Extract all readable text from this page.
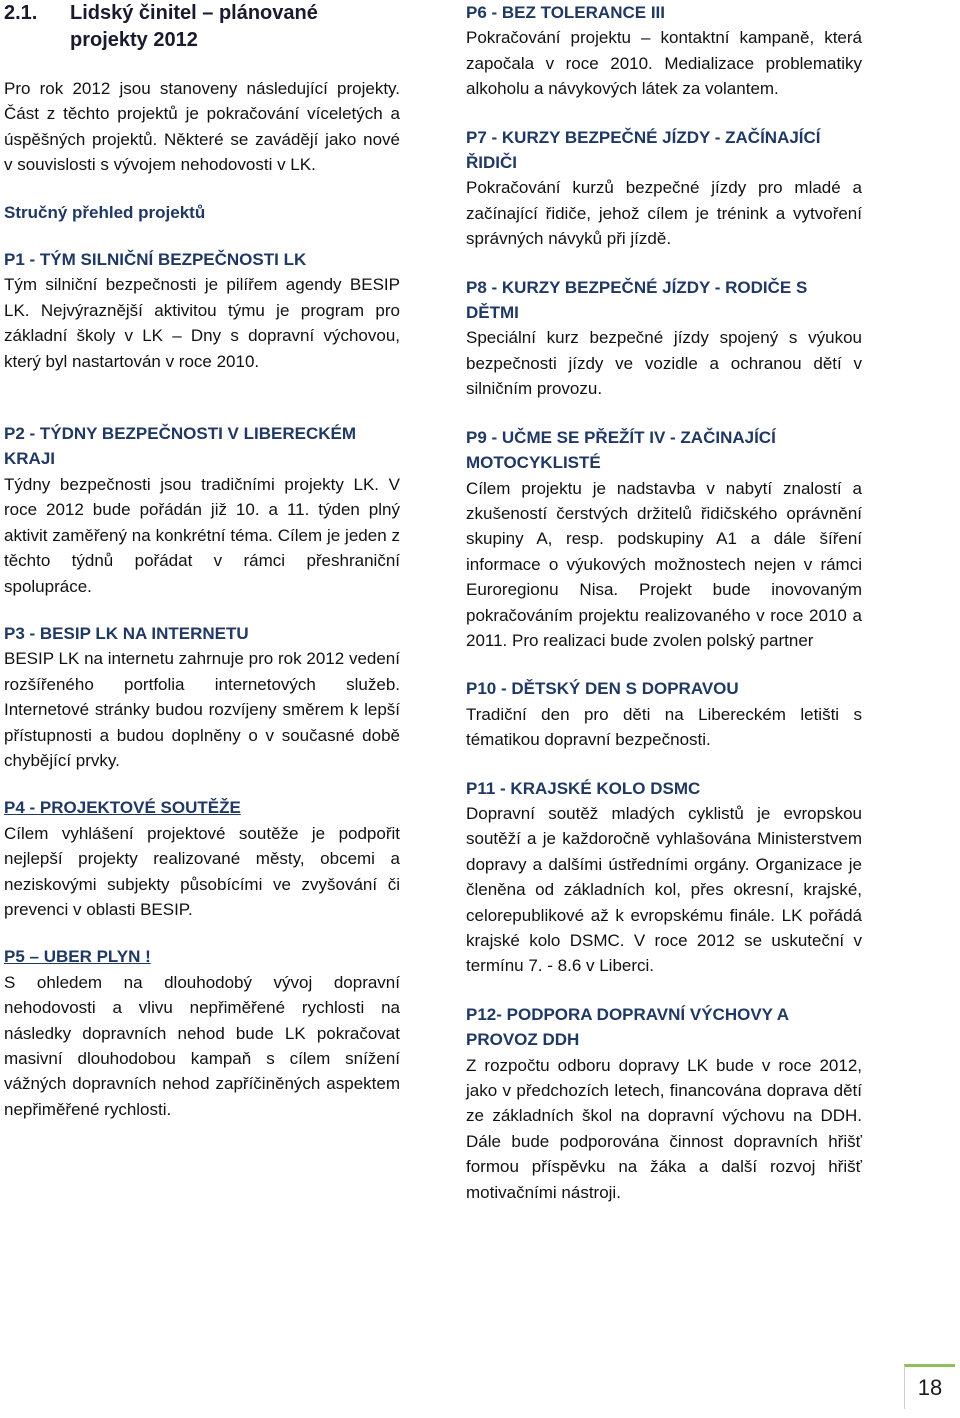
2.1.	Lidský činitel – plánované projekty 2012

Pro rok 2012 jsou stanoveny následující projekty. Část z těchto projektů je pokračování víceletých a úspěšných projektů. Některé se zavádějí jako nové v souvislosti s vývojem nehodovosti v LK.

Stručný přehled projektů

P1 - TÝM SILNIČNÍ BEZPEČNOSTI LK

Tým silniční bezpečnosti je pilířem agendy BESIP LK. Nejvýraznější aktivitou týmu je program pro základní školy v LK – Dny s dopravní výchovou, který byl nastartován v roce 2010.

P2 - TÝDNY BEZPEČNOSTI V LIBERECKÉM KRAJI

Týdny bezpečnosti jsou tradičními projekty LK. V roce 2012 bude pořádán již 10. a 11. týden plný aktivit zaměřený na konkrétní téma. Cílem je jeden z těchto týdnů pořádat v rámci přeshraniční spolupráce.

P3 - BESIP LK NA INTERNETU

BESIP LK na internetu zahrnuje pro rok 2012 vedení rozšířeného portfolia internetových služeb. Internetové stránky budou rozvíjeny směrem k lepší přístupnosti a budou doplněny o v současné době chybějící prvky.

P4 - PROJEKTOVÉ SOUTĚŽE

Cílem vyhlášení projektové soutěže je podpořit nejlepší projekty realizované městy, obcemi a neziskovými subjekty působícími ve zvyšování či prevenci v oblasti BESIP.

P5 – UBER PLYN !

S ohledem na dlouhodobý vývoj dopravní nehodovosti a vlivu nepřiměřené rychlosti na následky dopravních nehod bude LK pokračovat masivní dlouhodobou kampaň s cílem snížení vážných dopravních nehod zapříčiněných aspektem nepřiměřené rychlosti.

P6 - BEZ TOLERANCE III

Pokračování projektu – kontaktní kampaně, která započala v roce 2010. Medializace problematiky alkoholu a návykových látek za volantem.

P7 - KURZY BEZPEČNÉ JÍZDY - ZAČÍNAJÍCÍ ŘIDIČI

Pokračování kurzů bezpečné jízdy pro mladé a začínající řidiče, jehož cílem je trénink a vytvoření správných návyků při jízdě.

P8 - KURZY BEZPEČNÉ JÍZDY - RODIČE S DĚTMI

Speciální kurz bezpečné jízdy spojený s výukou bezpečnosti jízdy ve vozidle a ochranou dětí v silničním provozu.

P9 - UČME SE PŘEŽÍT IV - ZAČINAJÍCÍ MOTOCYKLISTÉ

Cílem projektu je nadstavba v nabytí znalostí a zkušeností čerstvých držitelů řidičského oprávnění skupiny A, resp. podskupiny A1 a dále šíření informace o výukových možnostech nejen v rámci Euroregionu Nisa. Projekt bude inovovaným pokračováním projektu realizovaného v roce 2010 a 2011. Pro realizaci bude zvolen polský partner

P10 - DĚTSKÝ DEN S DOPRAVOU

Tradiční den pro děti na Libereckém letišti s tématikou dopravní bezpečnosti.

P11 - KRAJSKÉ KOLO DSMC

Dopravní soutěž mladých cyklistů je evropskou soutěží a je každoročně vyhlašována Ministerstvem dopravy a dalšími ústředními orgány. Organizace je členěna od základních kol, přes okresní, krajské, celorepublikové až k evropskému finále. LK pořádá krajské kolo DSMC. V roce 2012 se uskuteční v termínu 7. - 8.6 v Liberci.

P12- PODPORA DOPRAVNÍ VÝCHOVY A PROVOZ DDH

Z rozpočtu odboru dopravy LK bude v roce 2012, jako v předchozích letech, financována doprava dětí ze základních škol na dopravní výchovu na DDH. Dále bude podporována činnost dopravních hřišť formou příspěvku na žáka a další rozvoj hřišť motivačními nástroji.

18
